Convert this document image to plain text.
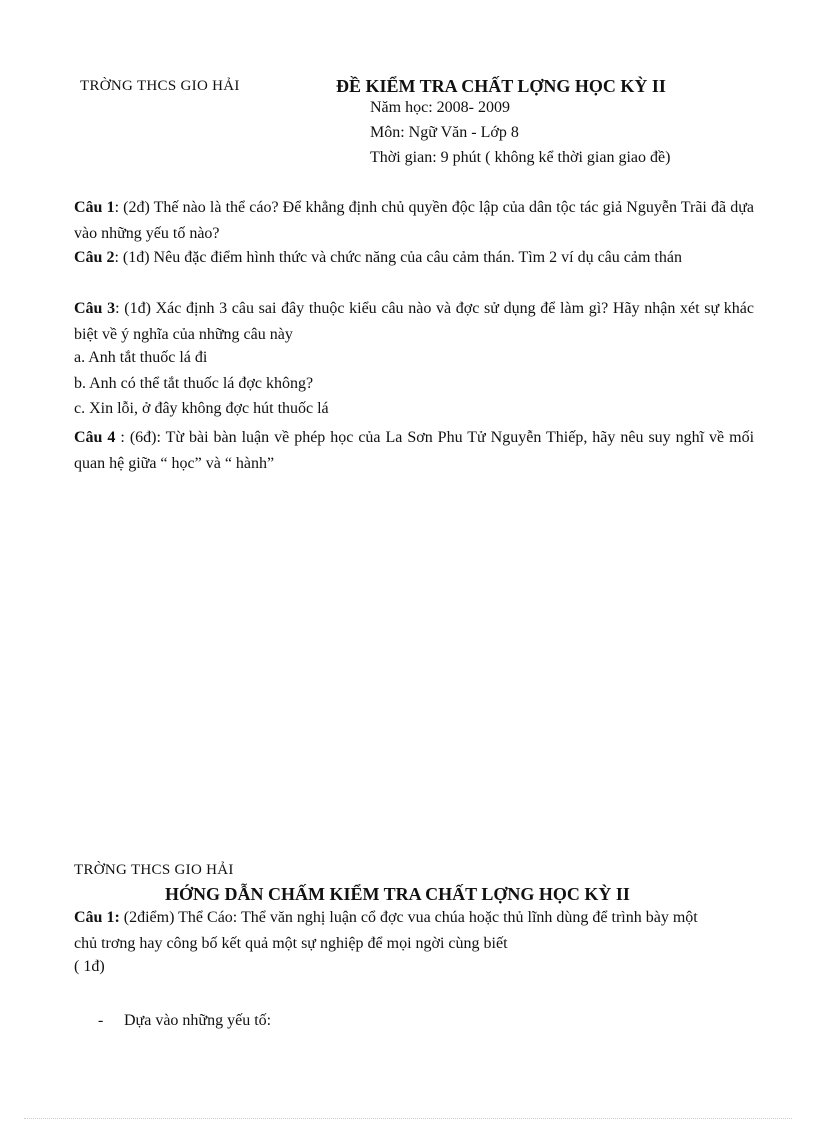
TRỜNG THCS GIO HẢI	ĐỀ KIỂM TRA CHẤT LỢNG HỌC KỲ II
Năm học: 2008- 2009
Môn: Ngữ Văn - Lớp 8
Thời gian: 9 phút ( không kể thời gian giao đề)

Câu 1: (2đ) Thế nào là thể cáo? Để khẳng định chủ quyền độc lập của dân tộc tác giả Nguyễn Trãi đã dựa vào những yếu tố nào?

Câu 2: (1đ) Nêu đặc điểm hình thức và chức năng của câu cảm thán. Tìm 2 ví dụ câu cảm thán

Câu 3: (1đ) Xác định 3 câu sai đây thuộc kiểu câu nào và đợc sử dụng để làm gì? Hãy nhận xét sự khác biệt về ý nghĩa của những câu này

a. Anh tắt thuốc lá đi
b. Anh có thể tắt thuốc lá đợc không?
c. Xin lỗi, ở đây không đợc hút thuốc lá

Câu 4 : (6đ): Từ bài bàn luận về phép học của La Sơn Phu Tử Nguyễn Thiếp, hãy nêu suy nghĩ về mối quan hệ giữa “ học” và “ hành”

TRỜNG THCS GIO HẢI
HỚNG DẪN CHẤM KIỂM TRA CHẤT LỢNG HỌC KỲ II

Câu 1: (2điểm) Thể Cáo: Thể văn nghị luận cổ đợc vua chúa hoặc thủ lĩnh dùng để trình bày một chủ trơng hay công bố kết quả một sự nghiệp để mọi ngời cùng biết

( 1đ)
- Dựa vào những yếu tố:
